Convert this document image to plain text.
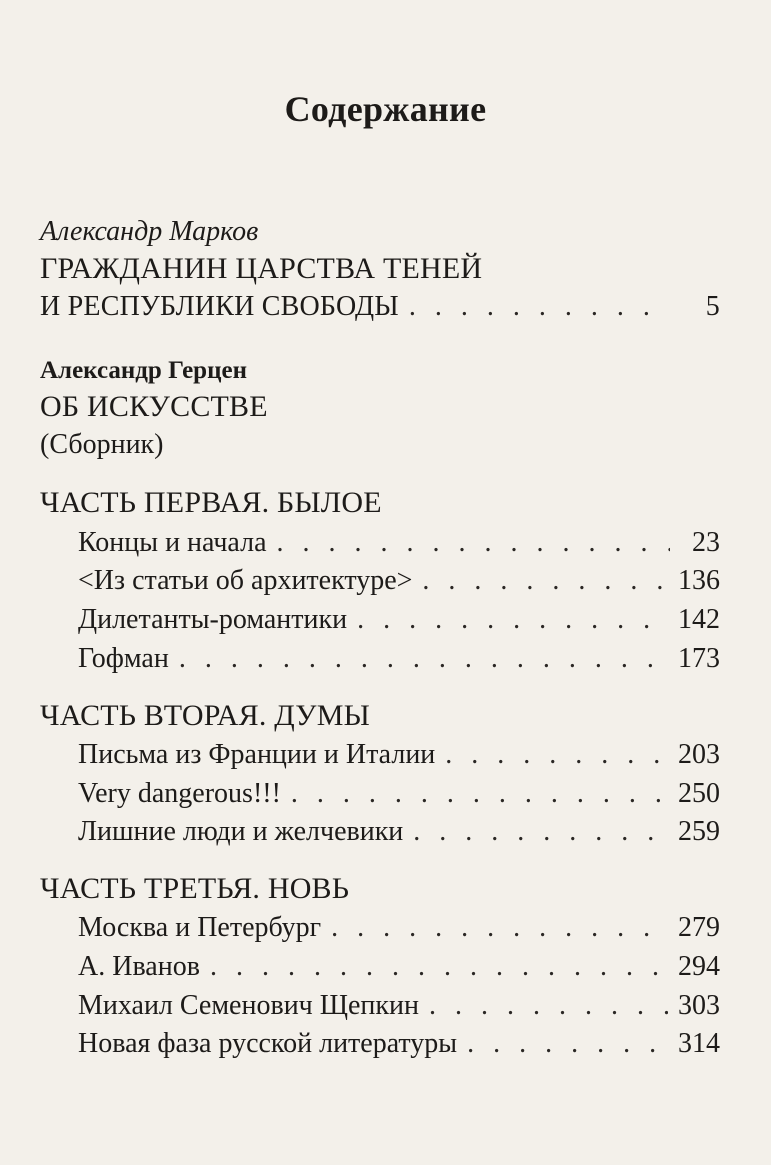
Содержание
Александр Марков
ГРАЖДАНИН ЦАРСТВА ТЕНЕЙ
И РЕСПУБЛИКИ СВОБОДЫ . . .	5
Александр Герцен
ОБ ИСКУССТВЕ
(Сборник)
ЧАСТЬ ПЕРВАЯ. БЫЛОЕ
Концы и начала . . .	23
<Из статьи об архитектуре> . . .	136
Дилетанты-романтики . . .	142
Гофман . . .	173
ЧАСТЬ ВТОРАЯ. ДУМЫ
Письма из Франции и Италии . . .	203
Very dangerous!!! . . .	250
Лишние люди и желчевики . . .	259
ЧАСТЬ ТРЕТЬЯ. НОВЬ
Москва и Петербург . . .	279
А. Иванов . . .	294
Михаил Семенович Щепкин . . .	303
Новая фаза русской литературы . . .	314
